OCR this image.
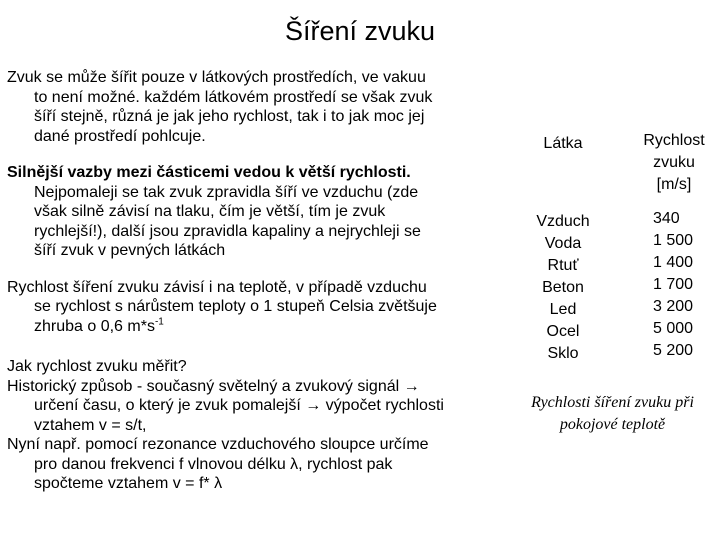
Šíření zvuku
Zvuk se může šířit pouze v látkových prostředích, ve vakuu
to není možné. každém látkovém prostředí se však zvuk
šíří stejně, různá je jak jeho rychlost, tak i to jak moc jej
dané prostředí pohlcuje.
Silnější vazby mezi částicemi vedou k větší rychlosti.
Nejpomaleji se tak zvuk zpravidla šíří ve vzduchu (zde
však silně závisí na tlaku, čím je větší, tím je zvuk
rychlejší!), další jsou zpravidla kapaliny a nejrychleji se
šíří zvuk v pevných látkách
Rychlost šíření zvuku závisí i na teplotě, v případě vzduchu
se rychlost s nárůstem teploty o 1 stupeň Celsia zvětšuje
zhruba o 0,6 $m*s^{-1}$
Jak rychlost zvuku měřit?
Historický způsob - současný světelný a zvukový signál →
určení času, o který je zvuk pomalejší → výpočet rychlosti
vztahem v = s/t,
Nyní např. pomocí rezonance vzduchového sloupce určíme
pro danou frekvenci f vlnovou délku λ, rychlost pak
spočteme vztahem v = f* λ
Látka
Vzduch
Voda
Rtuť
Beton
Led
Ocel
Sklo
Rychlost
zvuku
[m/s]
340
1 500
1 400
1 700
3 200
5 000
5 200
Rychlosti šíření zvuku při
pokojové teplotě
